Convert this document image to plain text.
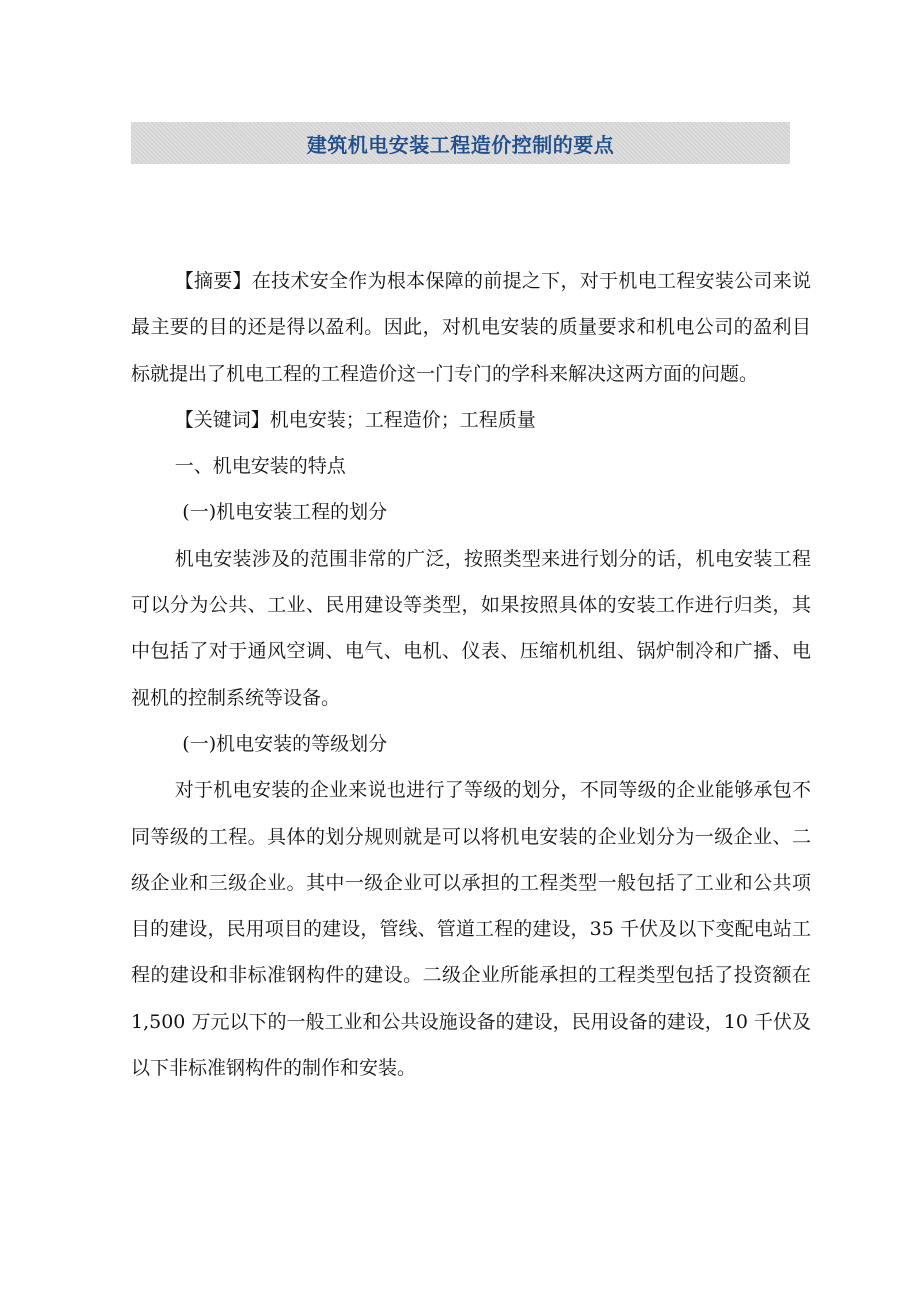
建筑机电安装工程造价控制的要点

【摘要】在技术安全作为根本保障的前提之下，对于机电工程安装公司来说最主要的目的还是得以盈利。因此，对机电安装的质量要求和机电公司的盈利目标就提出了机电工程的工程造价这一门专门的学科来解决这两方面的问题。

【关键词】机电安装；工程造价；工程质量

一、机电安装的特点

(一)机电安装工程的划分

机电安装涉及的范围非常的广泛，按照类型来进行划分的话，机电安装工程可以分为公共、工业、民用建设等类型，如果按照具体的安装工作进行归类，其中包括了对于通风空调、电气、电机、仪表、压缩机机组、锅炉制冷和广播、电视机的控制系统等设备。

(一)机电安装的等级划分

对于机电安装的企业来说也进行了等级的划分，不同等级的企业能够承包不同等级的工程。具体的划分规则就是可以将机电安装的企业划分为一级企业、二级企业和三级企业。其中一级企业可以承担的工程类型一般包括了工业和公共项目的建设，民用项目的建设，管线、管道工程的建设，35 千伏及以下变配电站工程的建设和非标准钢构件的建设。二级企业所能承担的工程类型包括了投资额在 1,500 万元以下的一般工业和公共设施设备的建设，民用设备的建设，10 千伏及以下非标准钢构件的制作和安装。
